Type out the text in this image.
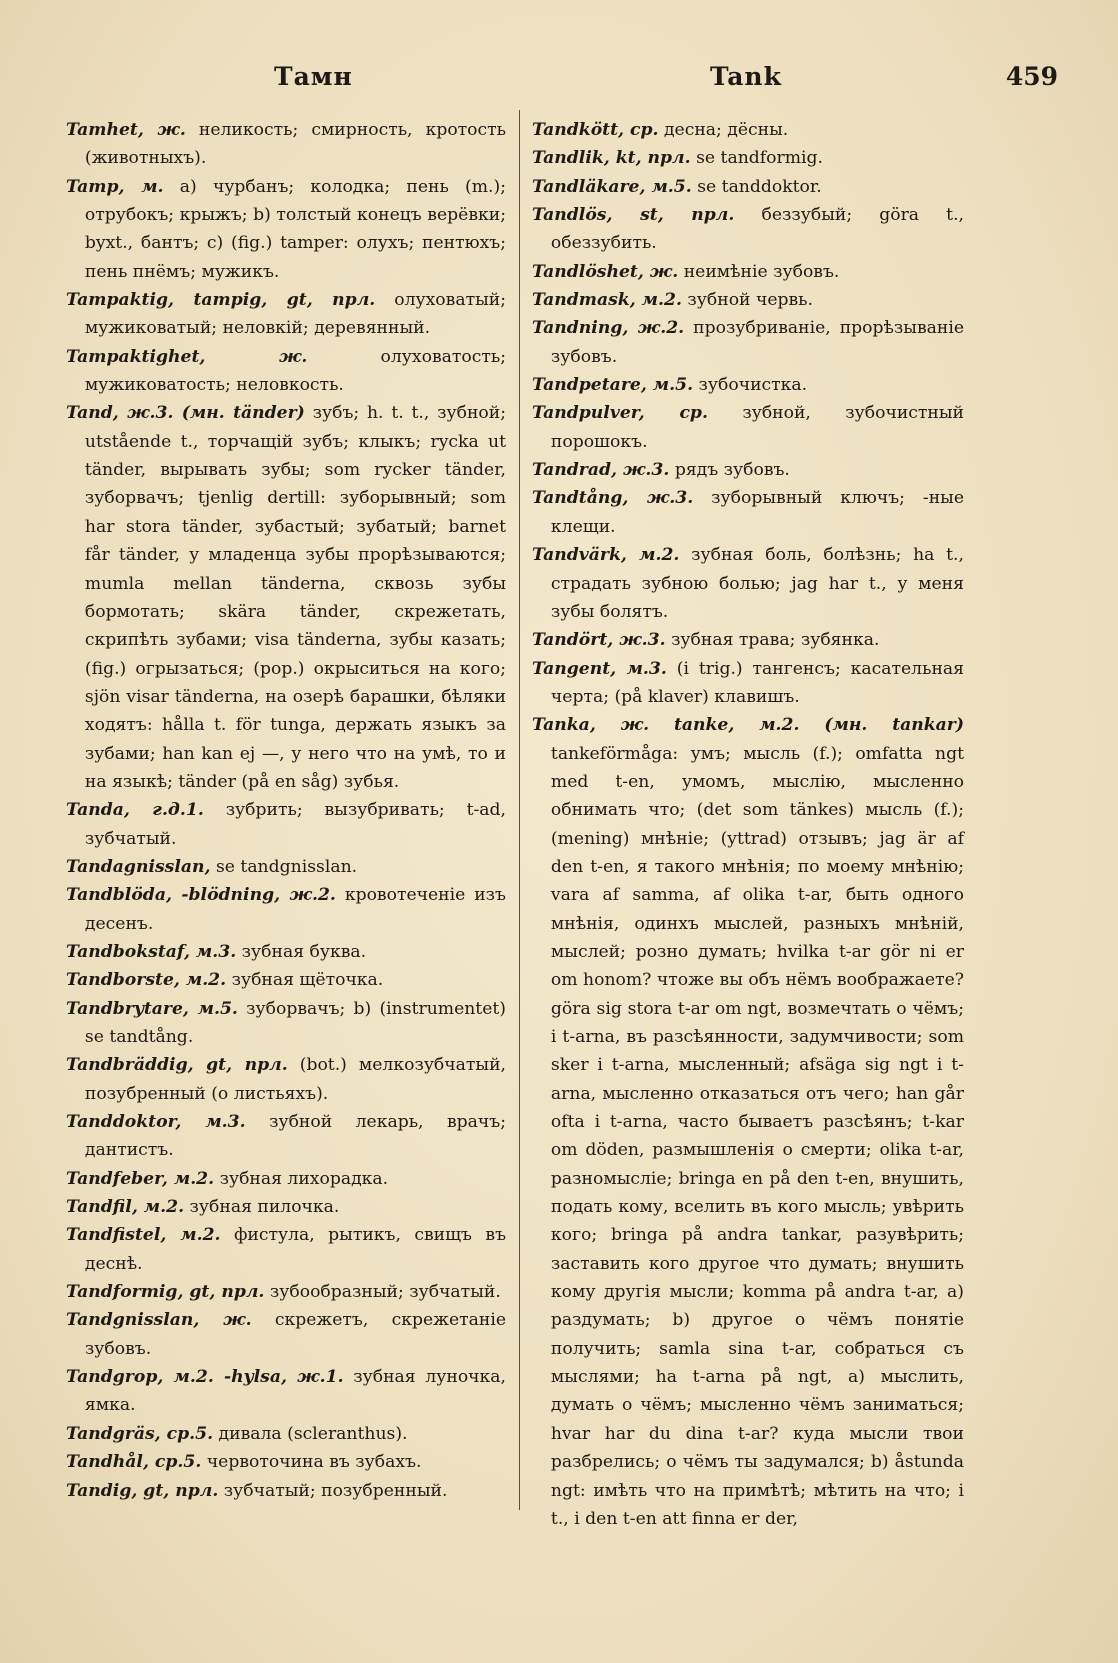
Тамн	Tank	459

Tamhet, ж. неликость; смирность, кротость (животныхъ).

Tamp, м. a) чурбанъ; колодка; пень (m.); отрубокъ; крыжъ; b) толстый конецъ верёвки; byxt., бантъ; c) (fig.) tamper: олухъ; пентюхъ; пень пнёмъ; мужикъ.

Tampaktig, tampig, gt, прл. олуховатый; мужиковатый; неловкій; деревянный.

Tampaktighet, ж.	олуховатость; мужиковатость; неловкость.

Tand, ж.3. (мн. tänder) зубъ; h. t. t., зубной; utstående t., торчащій зубъ; клыкъ; rycka ut tänder, вырывать зубы; som rycker tänder, зуборвачъ; tjenlig dertill: зуборывный; som har stora tänder, зубастый; зубатый; barnet får tänder, у младенца зубы прорѣзываются; mumla mellan tänderna, сквозь зубы бормотать; skära tänder, скрежетать, скрипѣть зубами; visa tänderna, зубы казать; (fig.) огрызаться; (pop.) окрыситься на кого; sjön visar tänderna, на озерѣ барашки, бѣляки ходятъ: hålla t. för tunga, держать языкъ за зубами; han kan ej —, у него что на умѣ, то и на языкѣ; tänder (på en såg) зубья.

Tanda, г.д.1. зубрить; вызубривать; t-ad, зубчатый.

Tandagnisslan, se tandgnisslan.

Tandblöda, -blödning, ж.2. кровотеченіе изъ десенъ.

Tandbokstaf, м.3. зубная буква.

Tandborste, м.2. зубная щёточка.

Tandbrytare, м.5. зуборвачъ; b) (instrumentet) se tandtång.

Tandbräddig, gt, прл. (bot.) мелкозубчатый, позубренный (о листьяхъ).

Tanddoktor, м.3. зубной лекарь, врачъ; дантистъ.

Tandfeber, м.2. зубная лихорадка.

Tandfil, м.2. зубная пилочка.

Tandfistel, м.2. фистула, рытикъ, свищъ въ деснѣ.

Tandformig, gt, прл. зубообразный; зубчатый.

Tandgnisslan, ж. скрежетъ, скрежетаніе зубовъ.

Tandgrop, м.2. -hylsa, ж.1. зубная луночка, ямка.

Tandgräs, ср.5. дивала (scleranthus).

Tandhål, ср.5. червоточина въ зубахъ.

Tandig, gt, прл. зубчатый; позубренный.

Tandkött, ср. десна; дёсны.

Tandlik, kt, прл. se tandformig.

Tandläkare, м.5. se tanddoktor.

Tandlös, st, прл. беззубый; göra t., обеззубить.

Tandlöshet, ж. неимѣніе зубовъ.

Tandmask, м.2. зубной червь.

Tandning, ж.2. прозубриваніе, прорѣзываніе зубовъ.

Tandpetare, м.5. зубочистка.

Tandpulver, ср. зубной, зубочистный порошокъ.

Tandrad, ж.3. рядъ зубовъ.

Tandtång, ж.3. зуборывный ключъ; -ные клещи.

Tandvärk, м.2. зубная боль, болѣзнь; ha t., страдать зубною болью; jag har t., у меня зубы болятъ.

Tandört, ж.3. зубная трава; зубянка.

Tangent, м.3. (i trig.) тангенсъ; касательная черта; (på klaver) клавишъ.

Tanka, ж. tanke, м.2. (мн. tankar) tankeförmåga: умъ; мысль (f.); omfatta ngt med t-en, умомъ, мыслію, мысленно обнимать что; (det som tänkes) мысль (f.); (mening) мнѣніе; (yttrad) отзывъ; jag är af den t-en, я такого мнѣнія; по моему мнѣнію; vara af samma, af olika t-ar, быть одного мнѣнія, одинхъ мыслей, разныхъ мнѣній, мыслей; розно думать; hvilka t-ar gör ni er om honom? чтоже вы объ нёмъ воображаете? göra sig stora t-ar om ngt, возмечтать о чёмъ; i t-arna, въ разсѣянности, задумчивости; som sker i t-arna, мысленный; afsäga sig ngt i t-arna, мысленно отказаться отъ чего; han går ofta i t-arna, часто бываетъ разсѣянъ; t-kar om döden, размышленія о смерти; olika t-ar, разномысліе; bringa en på den t-en, внушить, подать кому, вселить въ кого мысль; увѣрить кого; bringa på andra tankar, разувѣрить; заставить кого другое что думать; внушить кому другія мысли; komma på andra t-ar, a) раздумать; b) другое о чёмъ понятіе получить; samla sina t-ar, собраться съ мыслями; ha t-arna på ngt, a) мыслить, думать о чёмъ; мысленно чёмъ заниматься; hvar har du dina t-ar? куда мысли твои разбрелись; о чёмъ ты задумался; b) åstunda ngt: имѣть что на примѣтѣ; мѣтить на что; i t., i den t-en att finna er der,
